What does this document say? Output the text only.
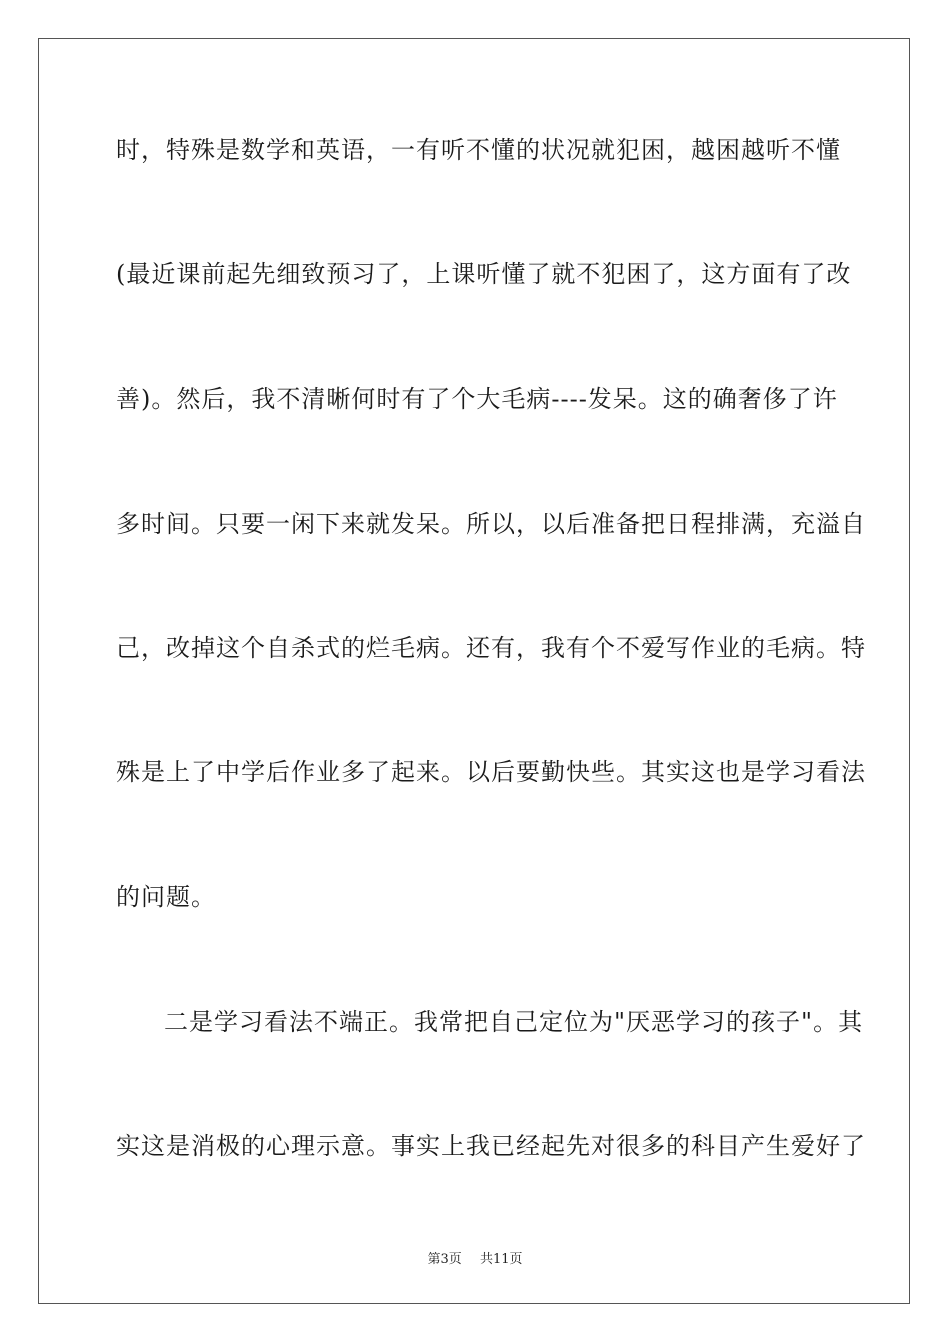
时，特殊是数学和英语，一有听不懂的状况就犯困，越困越听不懂
(最近课前起先细致预习了，上课听懂了就不犯困了，这方面有了改
善)。然后，我不清晰何时有了个大毛病----发呆。这的确奢侈了许
多时间。只要一闲下来就发呆。所以，以后准备把日程排满，充溢自
己，改掉这个自杀式的烂毛病。还有，我有个不爱写作业的毛病。特
殊是上了中学后作业多了起来。以后要勤快些。其实这也是学习看法
的问题。
二是学习看法不端正。我常把自己定位为"厌恶学习的孩子"。其
实这是消极的心理示意。事实上我已经起先对很多的科目产生爱好了
第3页 共11页
